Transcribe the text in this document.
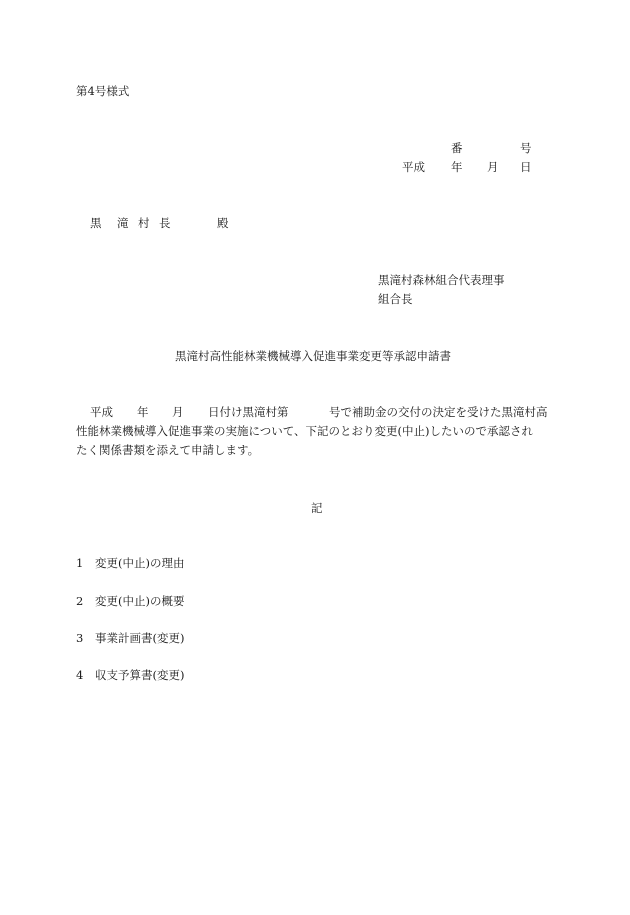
第4号様式
番	号
平成 年 月 日
黒 滝 村 長	殿
黒滝村森林組合代表理事
組合長
黒滝村高性能林業機械導入促進事業変更等承認申請書
平成 年 月 日付け黒滝村第	号で補助金の交付の決定を受けた黒滝村高
性能林業機械導入促進事業の実施について、下記のとおり変更(中止)したいので承認され
たく関係書類を添えて申請します。
記
1 変更(中止)の理由
2 変更(中止)の概要
3 事業計画書(変更)
4 収支予算書(変更)
